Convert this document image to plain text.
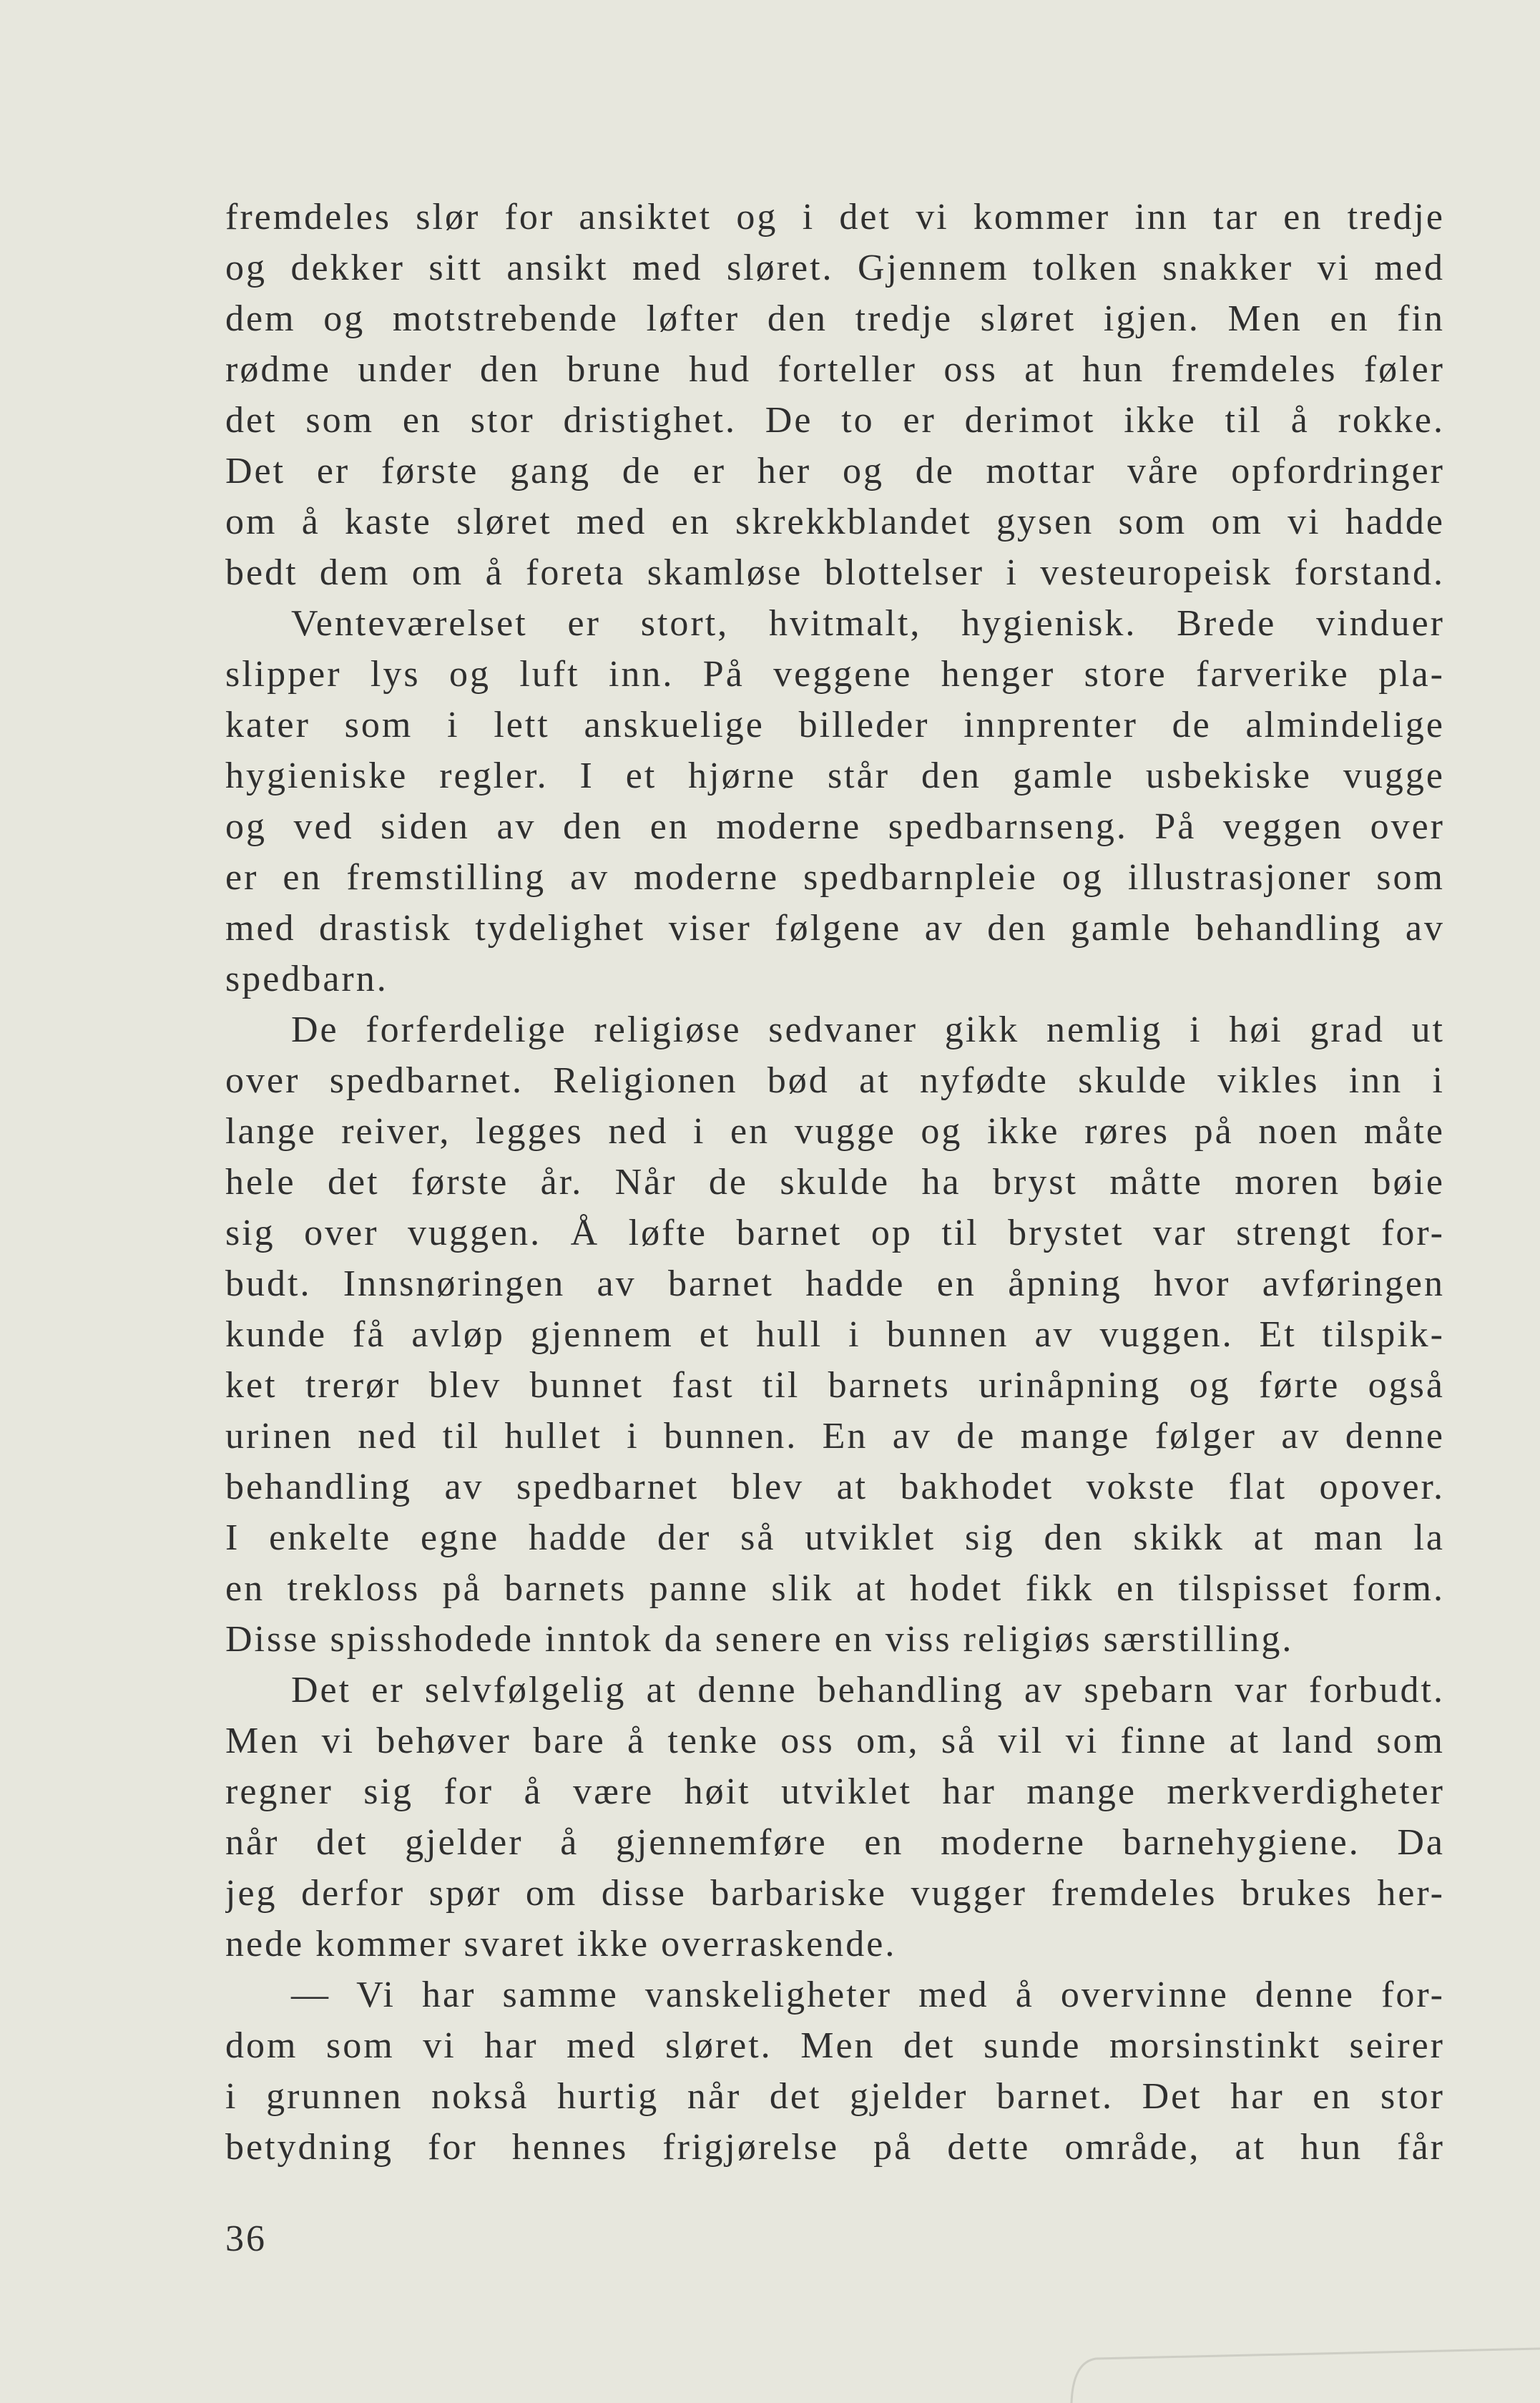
fremdeles slør for ansiktet og i det vi kommer inn tar en tredje
og dekker sitt ansikt med sløret. Gjennem tolken snakker vi med
dem og motstrebende løfter den tredje sløret igjen. Men en fin
rødme under den brune hud forteller oss at hun fremdeles føler
det som en stor dristighet. De to er derimot ikke til å rokke.
Det er første gang de er her og de mottar våre opfordringer
om å kaste sløret med en skrekkblandet gysen som om vi hadde
bedt dem om å foreta skamløse blottelser i vesteuropeisk forstand.
Venteværelset er stort, hvitmalt, hygienisk. Brede vinduer
slipper lys og luft inn. På veggene henger store farverike pla-
kater som i lett anskuelige billeder innprenter de almindelige
hygieniske regler. I et hjørne står den gamle usbekiske vugge
og ved siden av den en moderne spedbarnseng. På veggen over
er en fremstilling av moderne spedbarnpleie og illustrasjoner som
med drastisk tydelighet viser følgene av den gamle behandling av
spedbarn.
De forferdelige religiøse sedvaner gikk nemlig i høi grad ut
over spedbarnet. Religionen bød at nyfødte skulde vikles inn i
lange reiver, legges ned i en vugge og ikke røres på noen måte
hele det første år. Når de skulde ha bryst måtte moren bøie
sig over vuggen. Å løfte barnet op til brystet var strengt for-
budt. Innsnøringen av barnet hadde en åpning hvor avføringen
kunde få avløp gjennem et hull i bunnen av vuggen. Et tilspik-
ket trerør blev bunnet fast til barnets urinåpning og førte også
urinen ned til hullet i bunnen. En av de mange følger av denne
behandling av spedbarnet blev at bakhodet vokste flat opover.
I enkelte egne hadde der så utviklet sig den skikk at man la
en trekloss på barnets panne slik at hodet fikk en tilspisset form.
Disse spisshodede inntok da senere en viss religiøs særstilling.
Det er selvfølgelig at denne behandling av spebarn var forbudt.
Men vi behøver bare å tenke oss om, så vil vi finne at land som
regner sig for å være høit utviklet har mange merkverdigheter
når det gjelder å gjennemføre en moderne barnehygiene. Da
jeg derfor spør om disse barbariske vugger fremdeles brukes her-
nede kommer svaret ikke overraskende.
— Vi har samme vanskeligheter med å overvinne denne for-
dom som vi har med sløret. Men det sunde morsinstinkt seirer
i grunnen nokså hurtig når det gjelder barnet. Det har en stor
betydning for hennes frigjørelse på dette område, at hun får
36
